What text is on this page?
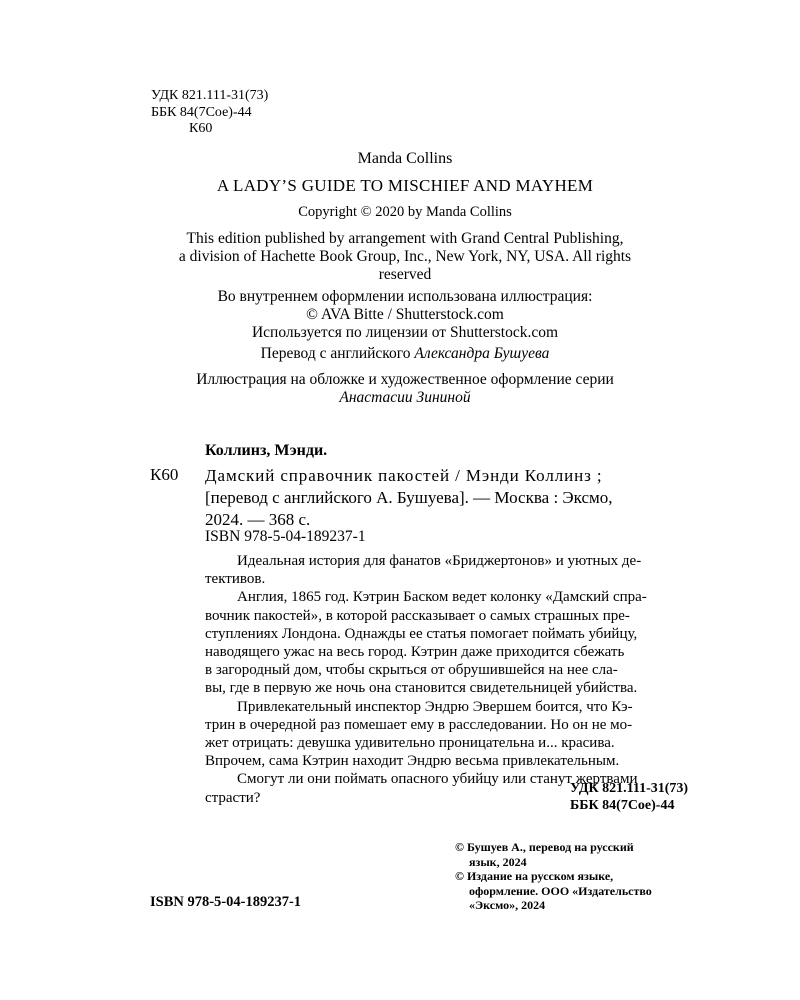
УДК 821.111-31(73)
ББК 84(7Сое)-44
К60
Manda Collins
A LADY’S GUIDE TO MISCHIEF AND MAYHEM
Copyright © 2020 by Manda Collins
This edition published by arrangement with Grand Central Publishing,
a division of Hachette Book Group, Inc., New York, NY, USA. All rights
reserved
Во внутреннем оформлении использована иллюстрация:
© AVA Bitte / Shutterstock.com
Используется по лицензии от Shutterstock.com
Перевод с английского Александра Бушуева
Иллюстрация на обложке и художественное оформление серии
Анастасии Зининой
Коллинз, Мэнди.
К60 Дамский справочник пакостей / Мэнди Коллинз ;
[перевод с английского А. Бушуева]. — Москва : Эксмо,
2024. — 368 с.
ISBN 978-5-04-189237-1

Идеальная история для фанатов «Бриджертонов» и уютных де-
тективов.

Англия, 1865 год. Кэтрин Баском ведет колонку «Дамский спра-
вочник пакостей», в которой рассказывает о самых страшных пре-
ступлениях Лондона. Однажды ее статья помогает поймать убийцу,
наводящего ужас на весь город. Кэтрин даже приходится сбежать
в загородный дом, чтобы скрыться от обрушившейся на нее сла-
вы, где в первую же ночь она становится свидетельницей убийства.

Привлекательный инспектор Эндрю Эвершем боится, что Кэ-
трин в очередной раз помешает ему в расследовании. Но он не мо-
жет отрицать: девушка удивительно проницательна и... красива.
Впрочем, сама Кэтрин находит Эндрю весьма привлекательным.

Смогут ли они поймать опасного убийцу или станут жертвами
страсти?

УДК 821.111-31(73)
ББК 84(7Сое)-44
© Бушуев А., перевод на русский
язык, 2024
© Издание на русском языке,
оформление. ООО «Издательство
«Эксмо», 2024
ISBN 978-5-04-189237-1
